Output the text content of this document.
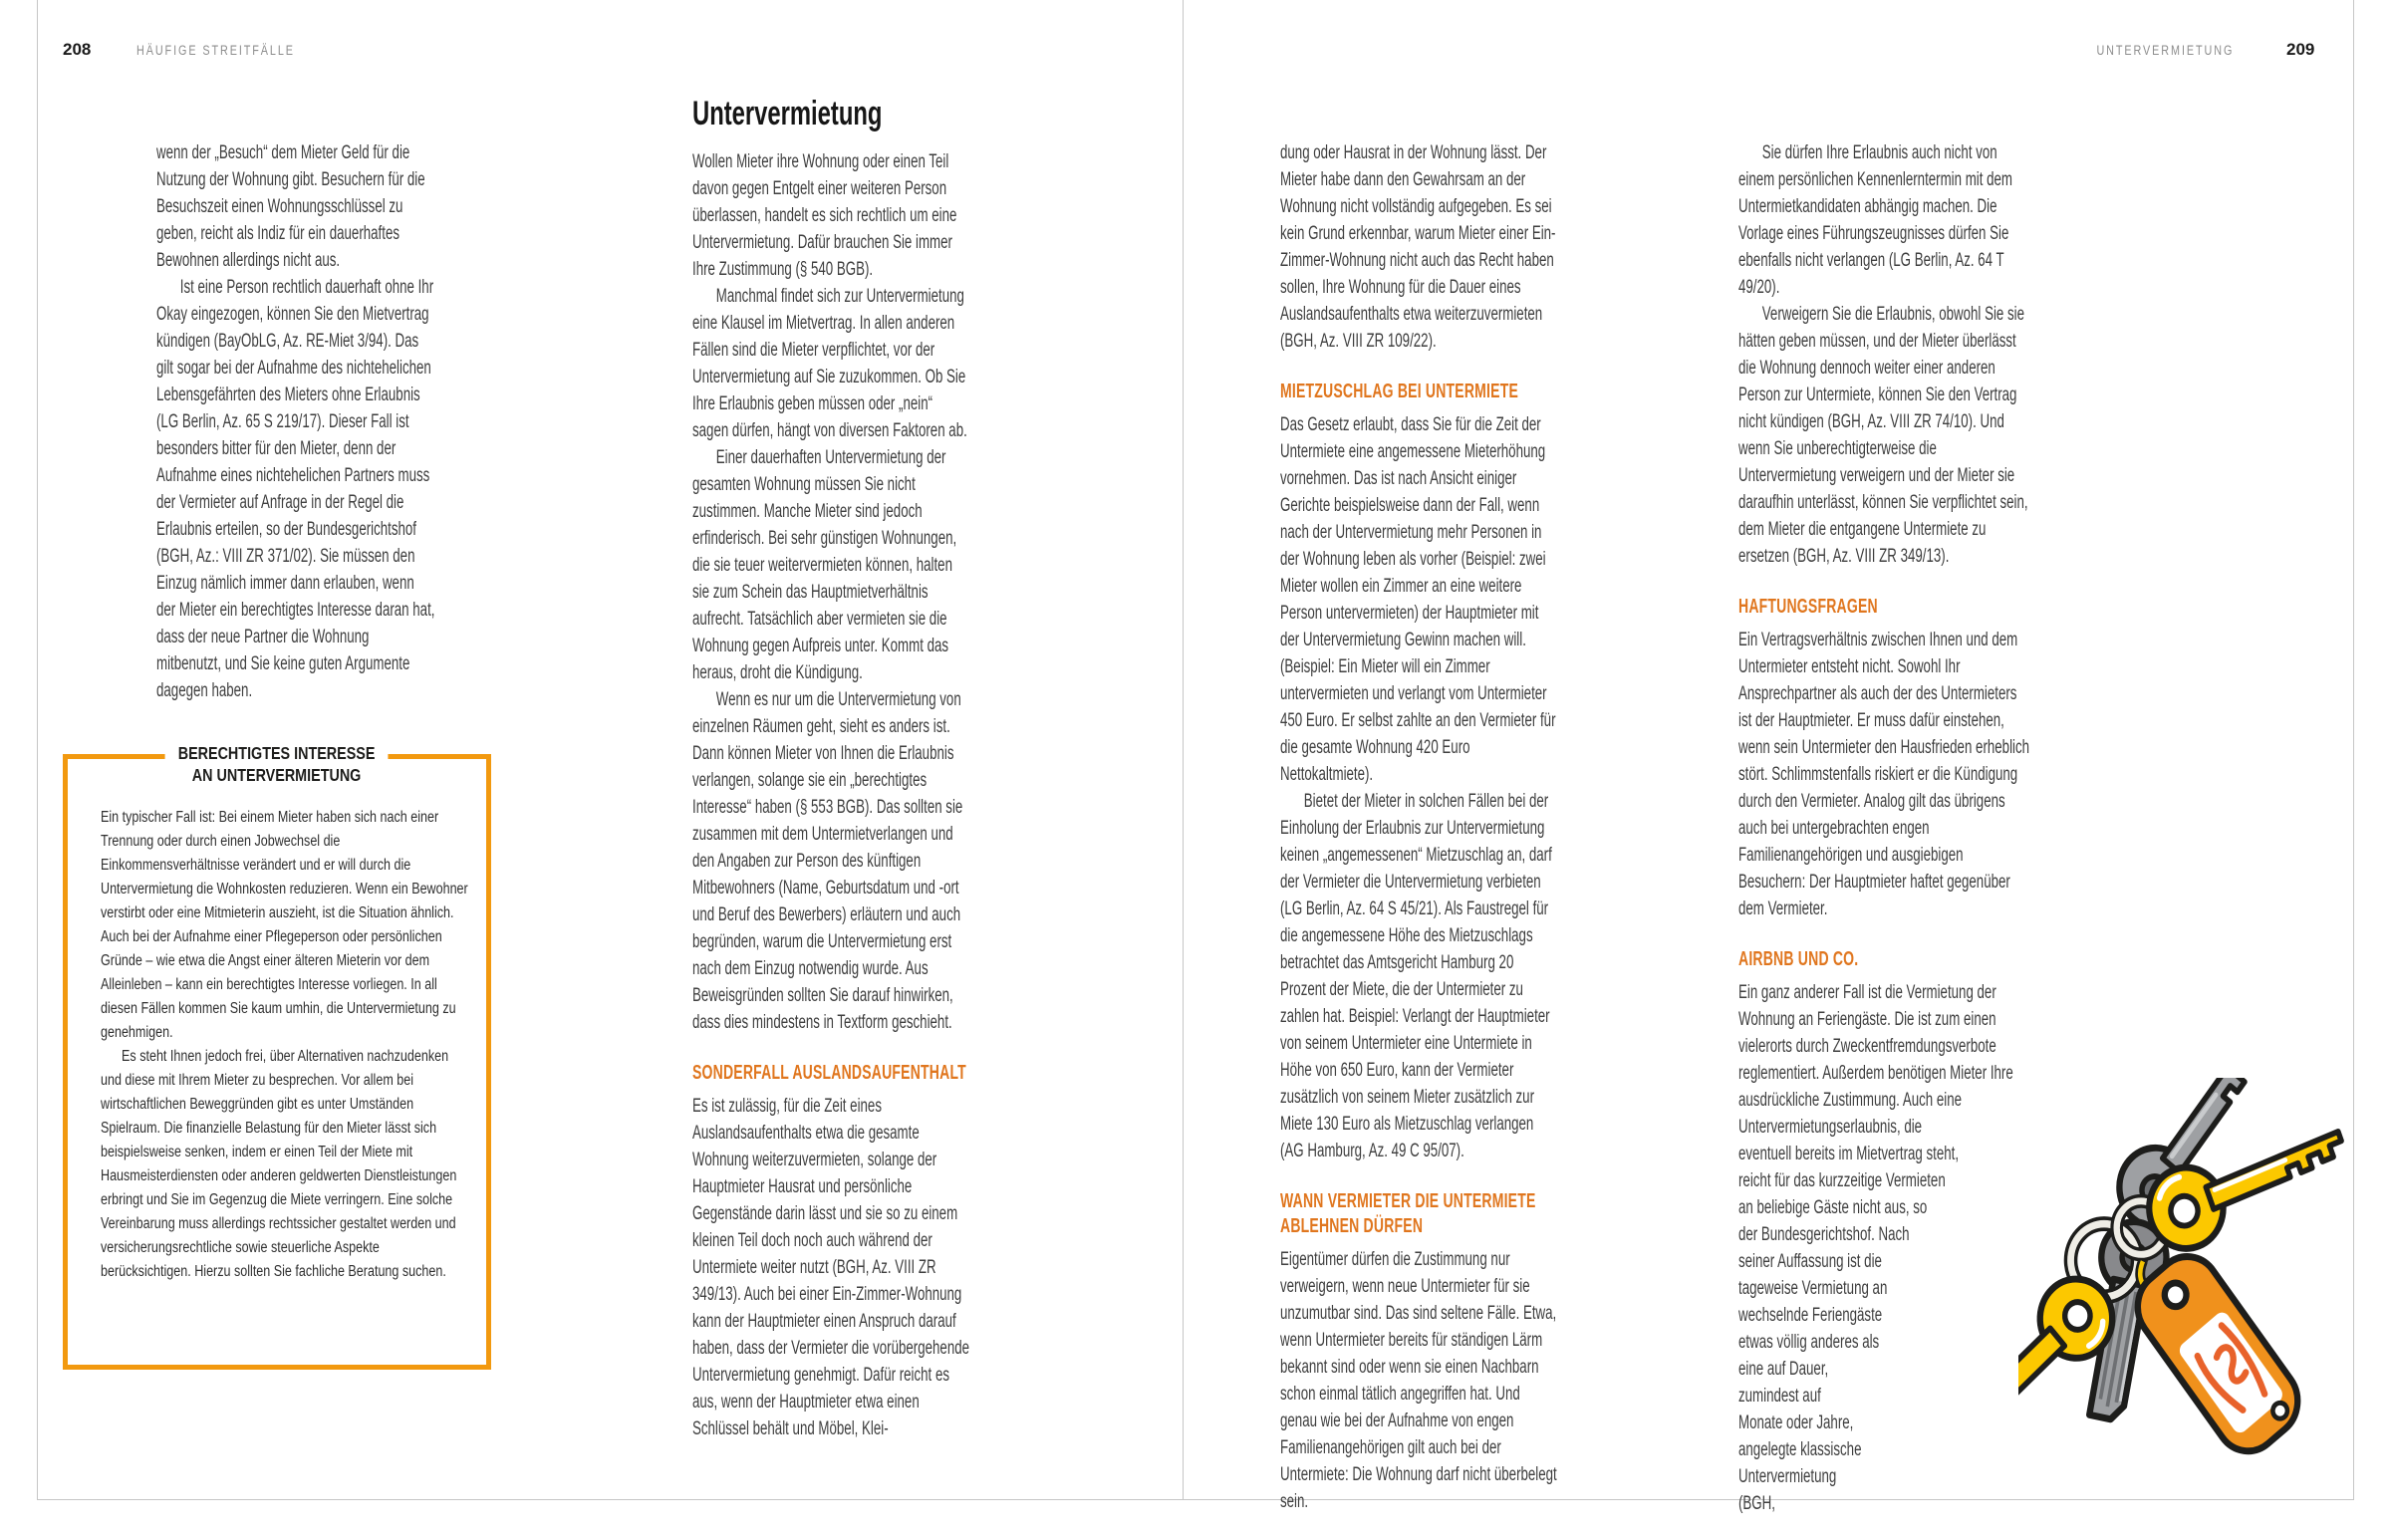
208	HÄUFIGE STREITFÄLLE	UNTERVERMIETUNG	209

wenn der „Besuch“ dem Mieter Geld für die Nutzung der Wohnung gibt. Besuchern für die Besuchszeit einen Wohnungsschlüssel zu geben, reicht als Indiz für ein dauerhaftes Bewohnen allerdings nicht aus.

Ist eine Person rechtlich dauerhaft ohne Ihr Okay eingezogen, können Sie den Mietvertrag kündigen (BayObLG, Az. RE-Miet 3/94). Das gilt sogar bei der Aufnahme des nichtehelichen Lebensgefährten des Mieters ohne Erlaubnis (LG Berlin, Az. 65 S 219/17). Dieser Fall ist besonders bitter für den Mieter, denn der Aufnahme eines nichtehelichen Partners muss der Vermieter auf Anfrage in der Regel die Erlaubnis erteilen, so der Bundesgerichtshof (BGH, Az.: VIII ZR 371/02). Sie müssen den Einzug nämlich immer dann erlauben, wenn der Mieter ein berechtigtes Interesse daran hat, dass der neue Partner die Wohnung mitbenutzt, und Sie keine guten Argumente dagegen haben.

BERECHTIGTES INTERESSE
AN UNTERVERMIETUNG

Ein typischer Fall ist: Bei einem Mieter haben sich nach einer Trennung oder durch einen Jobwechsel die Einkommensverhältnisse verändert und er will durch die Untervermietung die Wohnkosten reduzieren. Wenn ein Bewohner verstirbt oder eine Mitmieterin auszieht, ist die Situation ähnlich. Auch bei der Aufnahme einer Pflegeperson oder persönlichen Gründe – wie etwa die Angst einer älteren Mieterin vor dem Alleinleben – kann ein berechtigtes Interesse vorliegen. In all diesen Fällen kommen Sie kaum umhin, die Untervermietung zu genehmigen.

Es steht Ihnen jedoch frei, über Alternativen nachzudenken und diese mit Ihrem Mieter zu besprechen. Vor allem bei wirtschaftlichen Beweggründen gibt es unter Umständen Spielraum. Die finanzielle Belastung für den Mieter lässt sich beispielsweise senken, indem er einen Teil der Miete mit Hausmeisterdiensten oder anderen geldwerten Dienstleistungen erbringt und Sie im Gegenzug die Miete verringern. Eine solche Vereinbarung muss allerdings rechtssicher gestaltet werden und versicherungsrechtliche sowie steuerliche Aspekte berücksichtigen. Hierzu sollten Sie fachliche Beratung suchen.

Untervermietung

Wollen Mieter ihre Wohnung oder einen Teil davon gegen Entgelt einer weiteren Person überlassen, handelt es sich rechtlich um eine Untervermietung. Dafür brauchen Sie immer Ihre Zustimmung (§ 540 BGB).

Manchmal findet sich zur Untervermietung eine Klausel im Mietvertrag. In allen anderen Fällen sind die Mieter verpflichtet, vor der Untervermietung auf Sie zuzukommen. Ob Sie Ihre Erlaubnis geben müssen oder „nein“ sagen dürfen, hängt von diversen Faktoren ab.

Einer dauerhaften Untervermietung der gesamten Wohnung müssen Sie nicht zustimmen. Manche Mieter sind jedoch erfinderisch. Bei sehr günstigen Wohnungen, die sie teuer weitervermieten können, halten sie zum Schein das Hauptmietverhältnis aufrecht. Tatsächlich aber vermieten sie die Wohnung gegen Aufpreis unter. Kommt das heraus, droht die Kündigung.

Wenn es nur um die Untervermietung von einzelnen Räumen geht, sieht es anders ist. Dann können Mieter von Ihnen die Erlaubnis verlangen, solange sie ein „berechtigtes Interesse“ haben (§ 553 BGB). Das sollten sie zusammen mit dem Untermietverlangen und den Angaben zur Person des künftigen Mitbewohners (Name, Geburtsdatum und -ort und Beruf des Bewerbers) erläutern und auch begründen, warum die Untervermietung erst nach dem Einzug notwendig wurde. Aus Beweisgründen sollten Sie darauf hinwirken, dass dies mindestens in Textform geschieht.

SONDERFALL AUSLANDSAUFENTHALT

Es ist zulässig, für die Zeit eines Auslandsaufenthalts etwa die gesamte Wohnung weiterzuvermieten, solange der Hauptmieter Hausrat und persönliche Gegenstände darin lässt und sie so zu einem kleinen Teil doch noch auch während der Untermiete weiter nutzt (BGH, Az. VIII ZR 349/13). Auch bei einer Ein-Zimmer-Wohnung kann der Hauptmieter einen Anspruch darauf haben, dass der Vermieter die vorübergehende Untervermietung genehmigt. Dafür reicht es aus, wenn der Hauptmieter etwa einen Schlüssel behält und Möbel, Klei-

dung oder Hausrat in der Wohnung lässt. Der Mieter habe dann den Gewahrsam an der Wohnung nicht vollständig aufgegeben. Es sei kein Grund erkennbar, warum Mieter einer Ein-Zimmer-Wohnung nicht auch das Recht haben sollen, Ihre Wohnung für die Dauer eines Auslandsaufenthalts etwa weiterzuvermieten (BGH, Az. VIII ZR 109/22).

MIETZUSCHLAG BEI UNTERMIETE

Das Gesetz erlaubt, dass Sie für die Zeit der Untermiete eine angemessene Mieterhöhung vornehmen. Das ist nach Ansicht einiger Gerichte beispielsweise dann der Fall, wenn nach der Untervermietung mehr Personen in der Wohnung leben als vorher (Beispiel: zwei Mieter wollen ein Zimmer an eine weitere Person untervermieten) der Hauptmieter mit der Untervermietung Gewinn machen will. (Beispiel: Ein Mieter will ein Zimmer untervermieten und verlangt vom Untermieter 450 Euro. Er selbst zahlte an den Vermieter für die gesamte Wohnung 420 Euro Nettokaltmiete).

Bietet der Mieter in solchen Fällen bei der Einholung der Erlaubnis zur Untervermietung keinen „angemessenen“ Mietzuschlag an, darf der Vermieter die Untervermietung verbieten (LG Berlin, Az. 64 S 45/21). Als Faustregel für die angemessene Höhe des Mietzuschlags betrachtet das Amtsgericht Hamburg 20 Prozent der Miete, die der Untermieter zu zahlen hat. Beispiel: Verlangt der Hauptmieter von seinem Untermieter eine Untermiete in Höhe von 650 Euro, kann der Vermieter zusätzlich von seinem Mieter zusätzlich zur Miete 130 Euro als Mietzuschlag verlangen (AG Hamburg, Az. 49 C 95/07).

WANN VERMIETER DIE UNTERMIETE
ABLEHNEN DÜRFEN

Eigentümer dürfen die Zustimmung nur verweigern, wenn neue Untermieter für sie unzumutbar sind. Das sind seltene Fälle. Etwa, wenn Untermieter bereits für ständigen Lärm bekannt sind oder wenn sie einen Nachbarn schon einmal tätlich angegriffen hat. Und genau wie bei der Aufnahme von engen Familienangehörigen gilt auch bei der Untermiete: Die Wohnung darf nicht überbelegt sein.

Sie dürfen Ihre Erlaubnis auch nicht von einem persönlichen Kennenlerntermin mit dem Untermietkandidaten abhängig machen. Die Vorlage eines Führungszeugnisses dürfen Sie ebenfalls nicht verlangen (LG Berlin, Az. 64 T 49/20).

Verweigern Sie die Erlaubnis, obwohl Sie sie hätten geben müssen, und der Mieter überlässt die Wohnung dennoch weiter einer anderen Person zur Untermiete, können Sie den Vertrag nicht kündigen (BGH, Az. VIII ZR 74/10). Und wenn Sie unberechtigterweise die Untervermietung verweigern und der Mieter sie daraufhin unterlässt, können Sie verpflichtet sein, dem Mieter die entgangene Untermiete zu ersetzen (BGH, Az. VIII ZR 349/13).

HAFTUNGSFRAGEN

Ein Vertragsverhältnis zwischen Ihnen und dem Untermieter entsteht nicht. Sowohl Ihr Ansprechpartner als auch der des Untermieters ist der Hauptmieter. Er muss dafür einstehen, wenn sein Untermieter den Hausfrieden erheblich stört. Schlimmstenfalls riskiert er die Kündigung durch den Vermieter. Analog gilt das übrigens auch bei untergebrachten engen Familienangehörigen und ausgiebigen Besuchern: Der Hauptmieter haftet gegenüber dem Vermieter.

AIRBNB UND CO.

Ein ganz anderer Fall ist die Vermietung der Wohnung an Feriengäste. Die ist zum einen vielerorts durch Zweckentfremdungsverbote reglementiert. Außerdem benötigen Mieter Ihre ausdrückliche Zustimmung. Auch eine Untervermietungserlaubnis, die eventuell bereits im Mietvertrag steht, reicht für das kurzzeitige Vermieten an beliebige Gäste nicht aus, so der Bundesgerichtshof. Nach seiner Auffassung ist die tageweise Vermietung an wechselnde Feriengäste etwas völlig anderes als eine auf Dauer, zumindest auf Monate oder Jahre, angelegte klassische Untervermietung (BGH,
